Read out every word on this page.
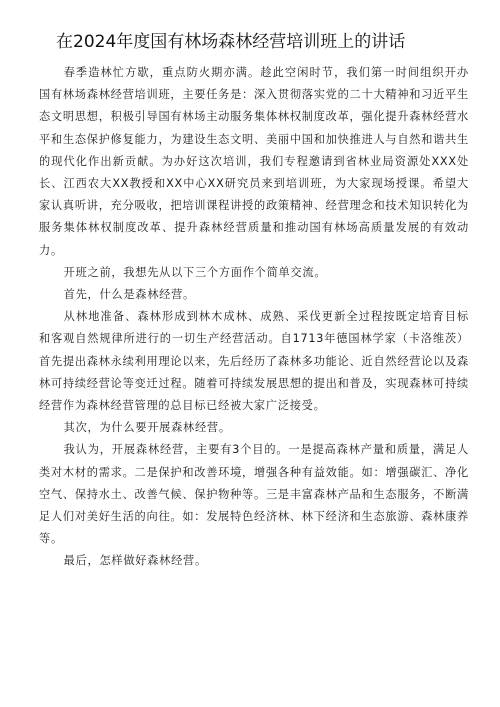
在2024年度国有林场森林经营培训班上的讲话

春季造林忙方歇，重点防火期亦满。趁此空闲时节，我们第一时间组织开办国有林场森林经营培训班，主要任务是：深入贯彻落实党的二十大精神和习近平生态文明思想，积极引导国有林场主动服务集体林权制度改革，强化提升森林经营水平和生态保护修复能力，为建设生态文明、美丽中国和加快推进人与自然和谐共生的现代化作出新贡献。为办好这次培训，我们专程邀请到省林业局资源处XXX处长、江西农大XX教授和XX中心XX研究员来到培训班，为大家现场授课。希望大家认真听讲，充分吸收，把培训课程讲授的政策精神、经营理念和技术知识转化为服务集体林权制度改革、提升森林经营质量和推动国有林场高质量发展的有效动力。

开班之前，我想先从以下三个方面作个简单交流。

首先，什么是森林经营。

从林地准备、森林形成到林木成林、成熟、采伐更新全过程按既定培育目标和客观自然规律所进行的一切生产经营活动。自1713年德国林学家（卡洛维茨）首先提出森林永续利用理论以来，先后经历了森林多功能论、近自然经营论以及森林可持续经营论等变迁过程。随着可持续发展思想的提出和普及，实现森林可持续经营作为森林经营管理的总目标已经被大家广泛接受。

其次，为什么要开展森林经营。

我认为，开展森林经营，主要有3个目的。一是提高森林产量和质量，满足人类对木材的需求。二是保护和改善环境，增强各种有益效能。如：增强碳汇、净化空气、保持水土、改善气候、保护物种等。三是丰富森林产品和生态服务，不断满足人们对美好生活的向往。如：发展特色经济林、林下经济和生态旅游、森林康养等。

最后，怎样做好森林经营。
